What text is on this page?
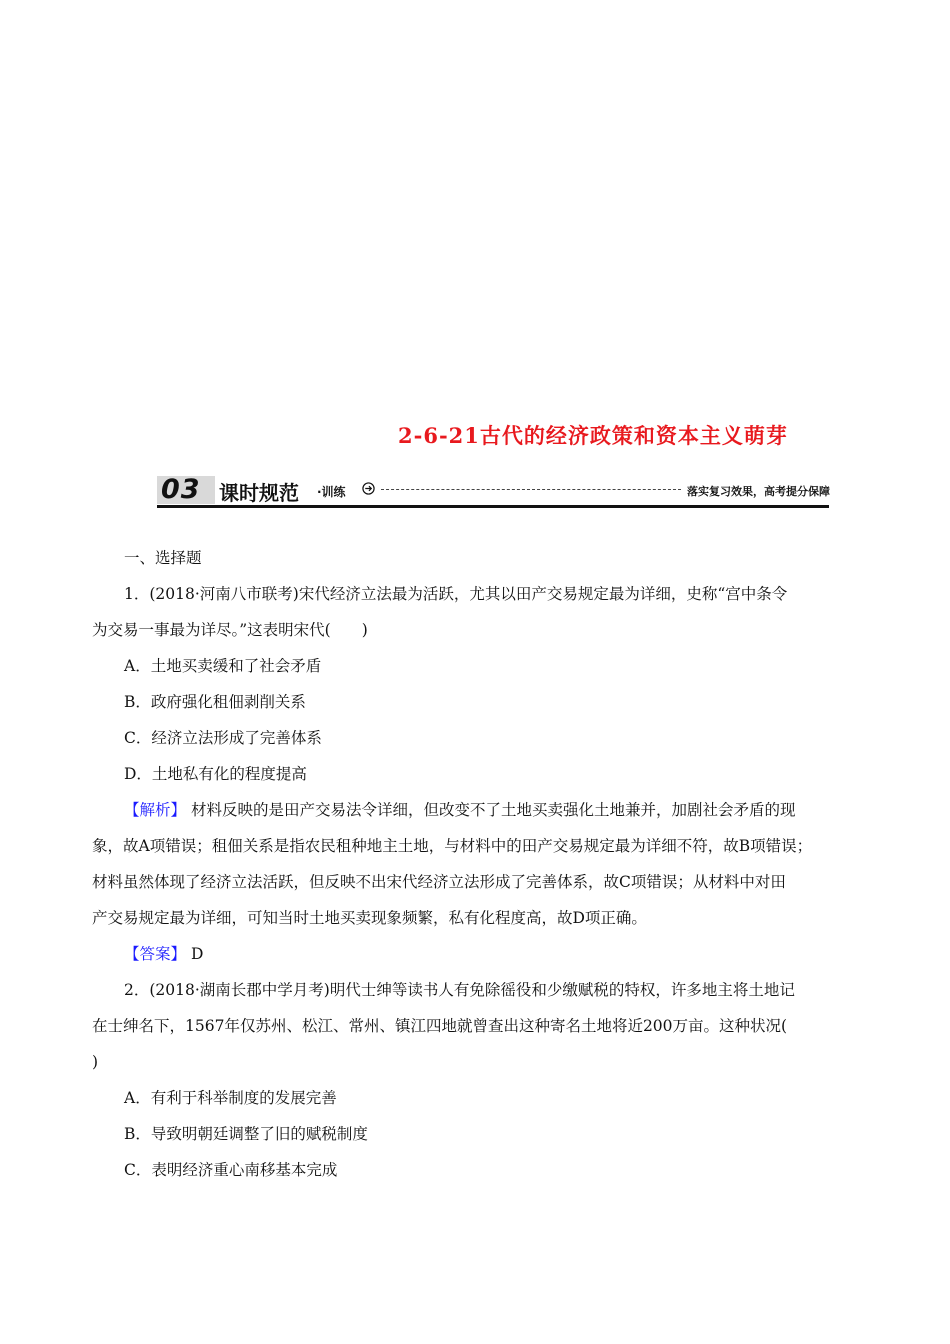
2-6-21古代的经济政策和资本主义萌芽
03 课时规范 ·训练	落实复习效果，高考提分保障
一、选择题
1．(2018·河南八市联考)宋代经济立法最为活跃，尤其以田产交易规定最为详细，史称“宫中条令
为交易一事最为详尽。”这表明宋代(　　)
A．土地买卖缓和了社会矛盾
B．政府强化租佃剥削关系
C．经济立法形成了完善体系
D．土地私有化的程度提高
【解析】 材料反映的是田产交易法令详细，但改变不了土地买卖强化土地兼并，加剧社会矛盾的现
象，故A项错误；租佃关系是指农民租种地主土地，与材料中的田产交易规定最为详细不符，故B项错误；
材料虽然体现了经济立法活跃，但反映不出宋代经济立法形成了完善体系，故C项错误；从材料中对田
产交易规定最为详细，可知当时土地买卖现象频繁，私有化程度高，故D项正确。
【答案】 D
2．(2018·湖南长郡中学月考)明代士绅等读书人有免除徭役和少缴赋税的特权，许多地主将土地记
在士绅名下，1567年仅苏州、松江、常州、镇江四地就曾查出这种寄名土地将近200万亩。这种状况(
)
A．有利于科举制度的发展完善
B．导致明朝廷调整了旧的赋税制度
C．表明经济重心南移基本完成
